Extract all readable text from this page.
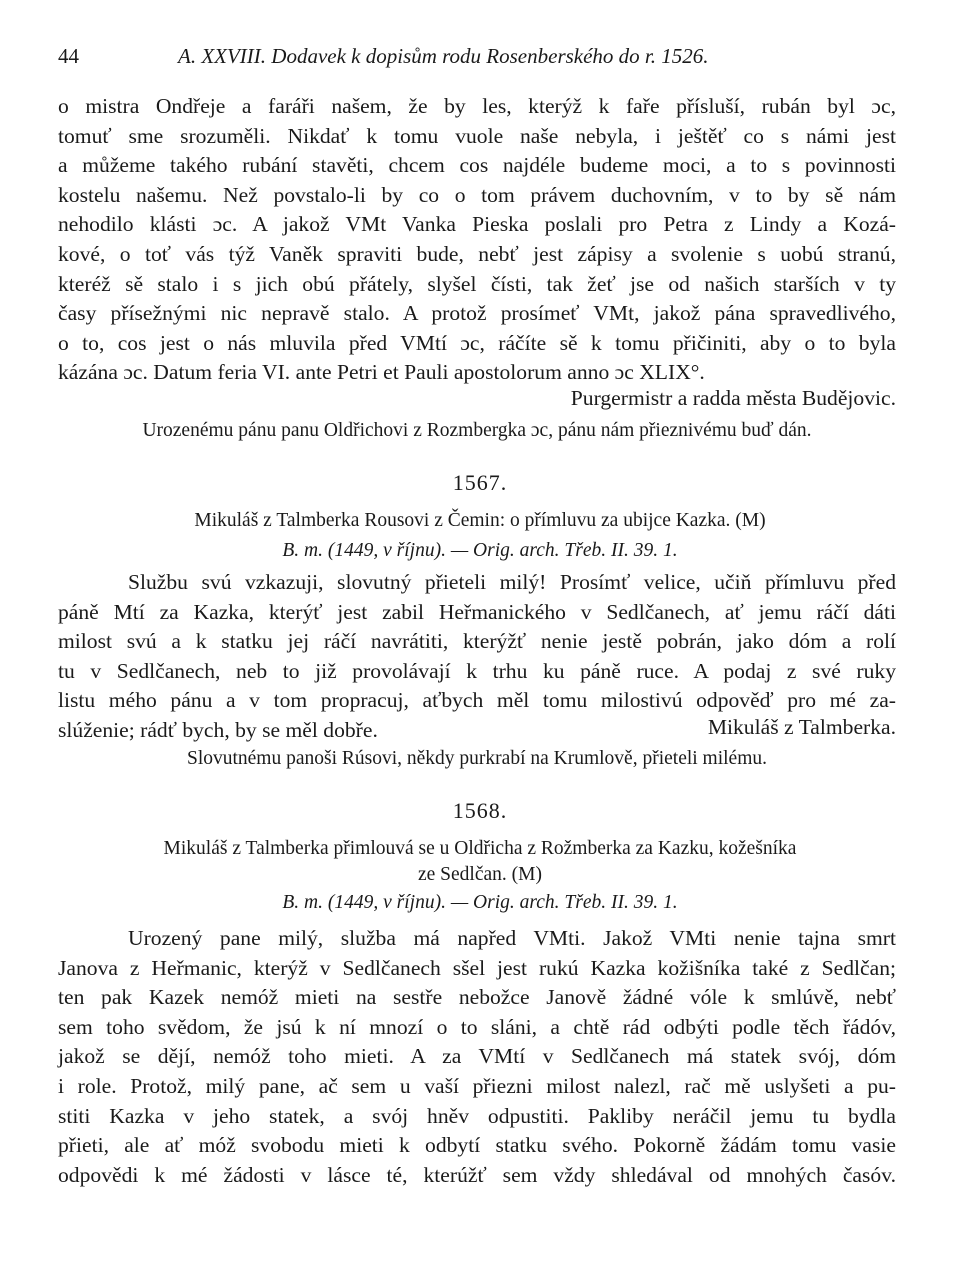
44	A. XXVIII. Dodavek k dopisům rodu Rosenberského do r. 1526.
o mistra Ondřeje a faráři našem, že by les, kterýž k faře přísluší, rubán byl ɔc,
tomuť sme srozuměli. Nikdať k tomu vuole naše nebyla, i ještěť co s námi jest
a můžeme takého rubání stavěti, chcem cos najdéle budeme moci, a to s povinnosti
kostelu našemu. Než povstalo-li by co o tom právem duchovním, v to by sě nám
nehodilo klásti ɔc. A jakož VMt Vanka Pieska poslali pro Petra z Lindy a Kozá-
kové, o toť vás týž Vaněk spraviti bude, nebť jest zápisy a svolenie s uobú stranú,
kteréž sě stalo i s jich obú přátely, slyšel čísti, tak žeť jse od našich starších v ty
časy přísežnými nic nepravě stalo. A protož prosímeť VMt, jakož pána spravedlivého,
o to, cos jest o nás mluvila před VMtí ɔc, ráčíte sě k tomu přičiniti, aby o to byla
kázána ɔc. Datum feria VI. ante Petri et Pauli apostolorum anno ɔc XLIX°.
Purgermistr a radda města Budějovic.
Urozenému pánu panu Oldřichovi z Rozmbergka ɔc, pánu nám přieznivému buď dán.
1567.
Mikuláš z Talmberka Rousovi z Čemin: o přímluvu za ubijce Kazka. (M)
B. m. (1449, v říjnu). — Orig. arch. Třeb. II. 39. 1.
Službu svú vzkazuji, slovutný přieteli milý! Prosímť velice, učiň přímluvu před
páně Mtí za Kazka, kterýť jest zabil Heřmanického v Sedlčanech, ať jemu ráčí dáti
milost svú a k statku jej ráčí navrátiti, kterýžť nenie jestě pobrán, jako dóm a rolí
tu v Sedlčanech, neb to již provolávají k trhu ku páně ruce. A podaj z své ruky
listu mého pánu a v tom propracuj, aťbych měl tomu milostivú odpověď pro mé za-
slúženie; rádť bych, by se měl dobře.	Mikuláš z Talmberka.
Slovutnému panoši Rúsovi, někdy purkrabí na Krumlově, přieteli milému.
1568.
Mikuláš z Talmberka přimlouvá se u Oldřicha z Rožmberka za Kazku, kožešníka
ze Sedlčan. (M)
B. m. (1449, v říjnu). — Orig. arch. Třeb. II. 39. 1.
Urozený pane milý, služba má napřed VMti. Jakož VMti nenie tajna smrt
Janova z Heřmanic, kterýž v Sedlčanech sšel jest rukú Kazka kožišníka také z Sedlčan;
ten pak Kazek nemóž mieti na sestře nebožce Janově žádné vóle k smlúvě, nebť
sem toho svědom, že jsú k ní mnozí o to sláni, a chtě rád odbýti podle těch řádóv,
jakož se dějí, nemóž toho mieti. A za VMtí v Sedlčanech má statek svój, dóm
i role. Protož, milý pane, ač sem u vaší přiezni milost nalezl, rač mě uslyšeti a pu-
stiti Kazka v jeho statek, a svój hněv odpustiti. Pakliby neráčil jemu tu bydla
přieti, ale ať móž svobodu mieti k odbytí statku svého. Pokorně žádám tomu vasie
odpovědi k mé žádosti v lásce té, kterúžť sem vždy shledával od mnohých časóv.
